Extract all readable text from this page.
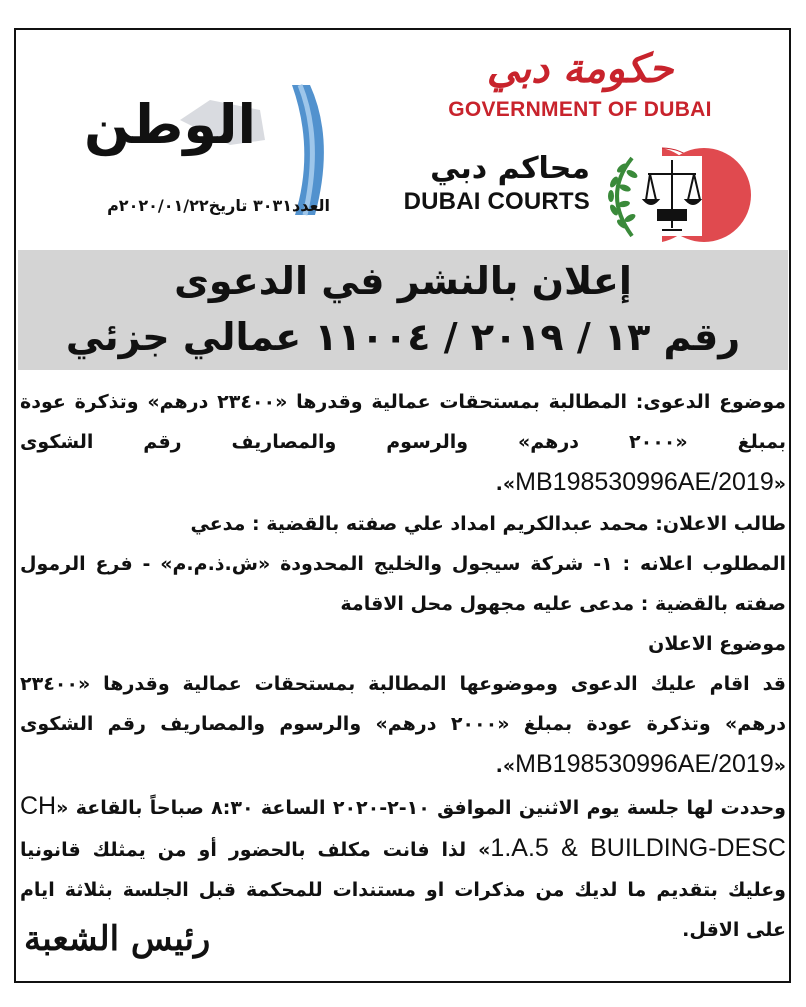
حكومة دبي
GOVERNMENT OF DUBAI
محاكم دبي
DUBAI COURTS
الوطن
العدد٣٠٣١ تاريخ٢٠٢٠/٠١/٢٢م
إعلان بالنشر في الدعوى
رقم ١٣ / ٢٠١٩ / ١١٠٠٤ عمالي جزئي

موضوع الدعوى: المطالبة بمستحقات عمالية وقدرها «٢٣٤٠٠ درهم» وتذكرة عودة بمبلغ «٢٠٠٠ درهم» والرسوم والمصاريف رقم الشكوى «MB198530996AE/2019».

طالب الاعلان: محمد عبدالكريم امداد علي صفته بالقضية : مدعي

المطلوب اعلانه : ١- شركة سيجول والخليج المحدودة «ش.ذ.م.م» - فرع الرمول صفته بالقضية : مدعى عليه مجهول محل الاقامة

موضوع الاعلان

قد اقام عليك الدعوى وموضوعها المطالبة بمستحقات عمالية وقدرها «٢٣٤٠٠ درهم» وتذكرة عودة بمبلغ «٢٠٠٠ درهم» والرسوم والمصاريف رقم الشكوى «MB198530996AE/2019».

وحددت لها جلسة يوم الاثنين الموافق ١٠-٢-٢٠٢٠ الساعة ٨:٣٠ صباحاً بالقاعة «CH 1.A.5 & BUILDING-DESC» لذا فانت مكلف بالحضور أو من يمثلك قانونيا وعليك بتقديم ما لديك من مذكرات او مستندات للمحكمة قبل الجلسة بثلاثة ايام على الاقل.

رئيس الشعبة
